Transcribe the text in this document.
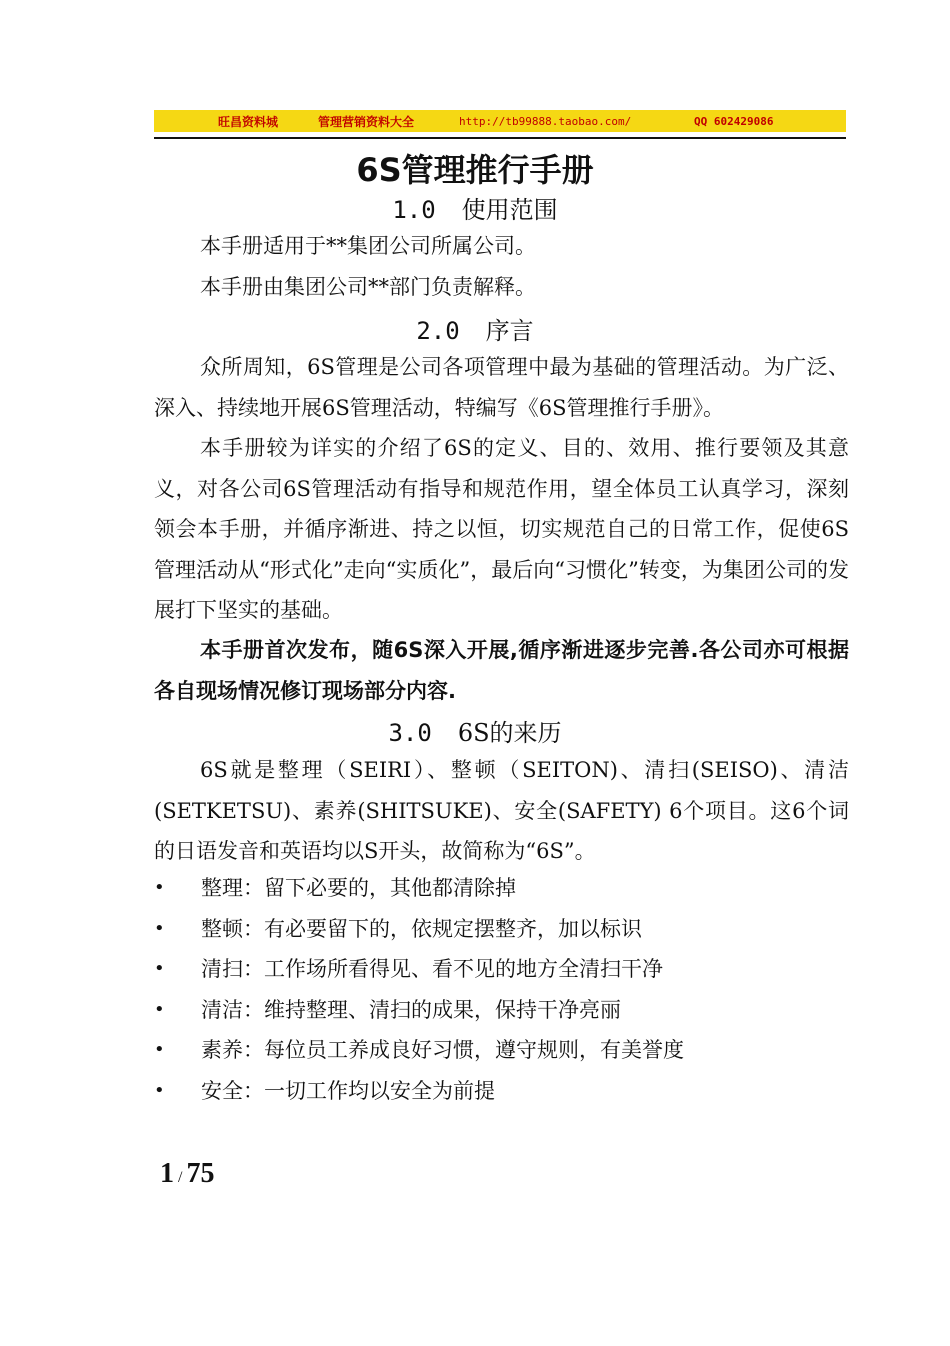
旺昌资料城	管理营销资料大全	http://tb99888.taobao.com/	QQ 602429086
6S管理推行手册
1.0 使用范围
本手册适用于**集团公司所属公司。
本手册由集团公司**部门负责解释。
2.0 序言
众所周知，6S管理是公司各项管理中最为基础的管理活动。为广泛、深入、持续地开展6S管理活动，特编写《6S管理推行手册》。
本手册较为详实的介绍了6S的定义、目的、效用、推行要领及其意义，对各公司6S管理活动有指导和规范作用，望全体员工认真学习，深刻领会本手册，并循序渐进、持之以恒，切实规范自己的日常工作，促使6S管理活动从“形式化”走向“实质化”，最后向“习惯化”转变，为集团公司的发展打下坚实的基础。
本手册首次发布，随6S深入开展,循序渐进逐步完善.各公司亦可根据各自现场情况修订现场部分内容.
3.0 6S的来历
6S就是整理（SEIRI）、整顿（SEITON)、清扫(SEISO)、清洁(SETKETSU)、素养(SHITSUKE)、安全(SAFETY) 6个项目。这6个词的日语发音和英语均以S开头，故简称为“6S”。
• 整理：留下必要的，其他都清除掉
• 整顿：有必要留下的，依规定摆整齐，加以标识
• 清扫：工作场所看得见、看不见的地方全清扫干净
• 清洁：维持整理、清扫的成果，保持干净亮丽
• 素养：每位员工养成良好习惯，遵守规则，有美誉度
• 安全：一切工作均以安全为前提
1 / 75
